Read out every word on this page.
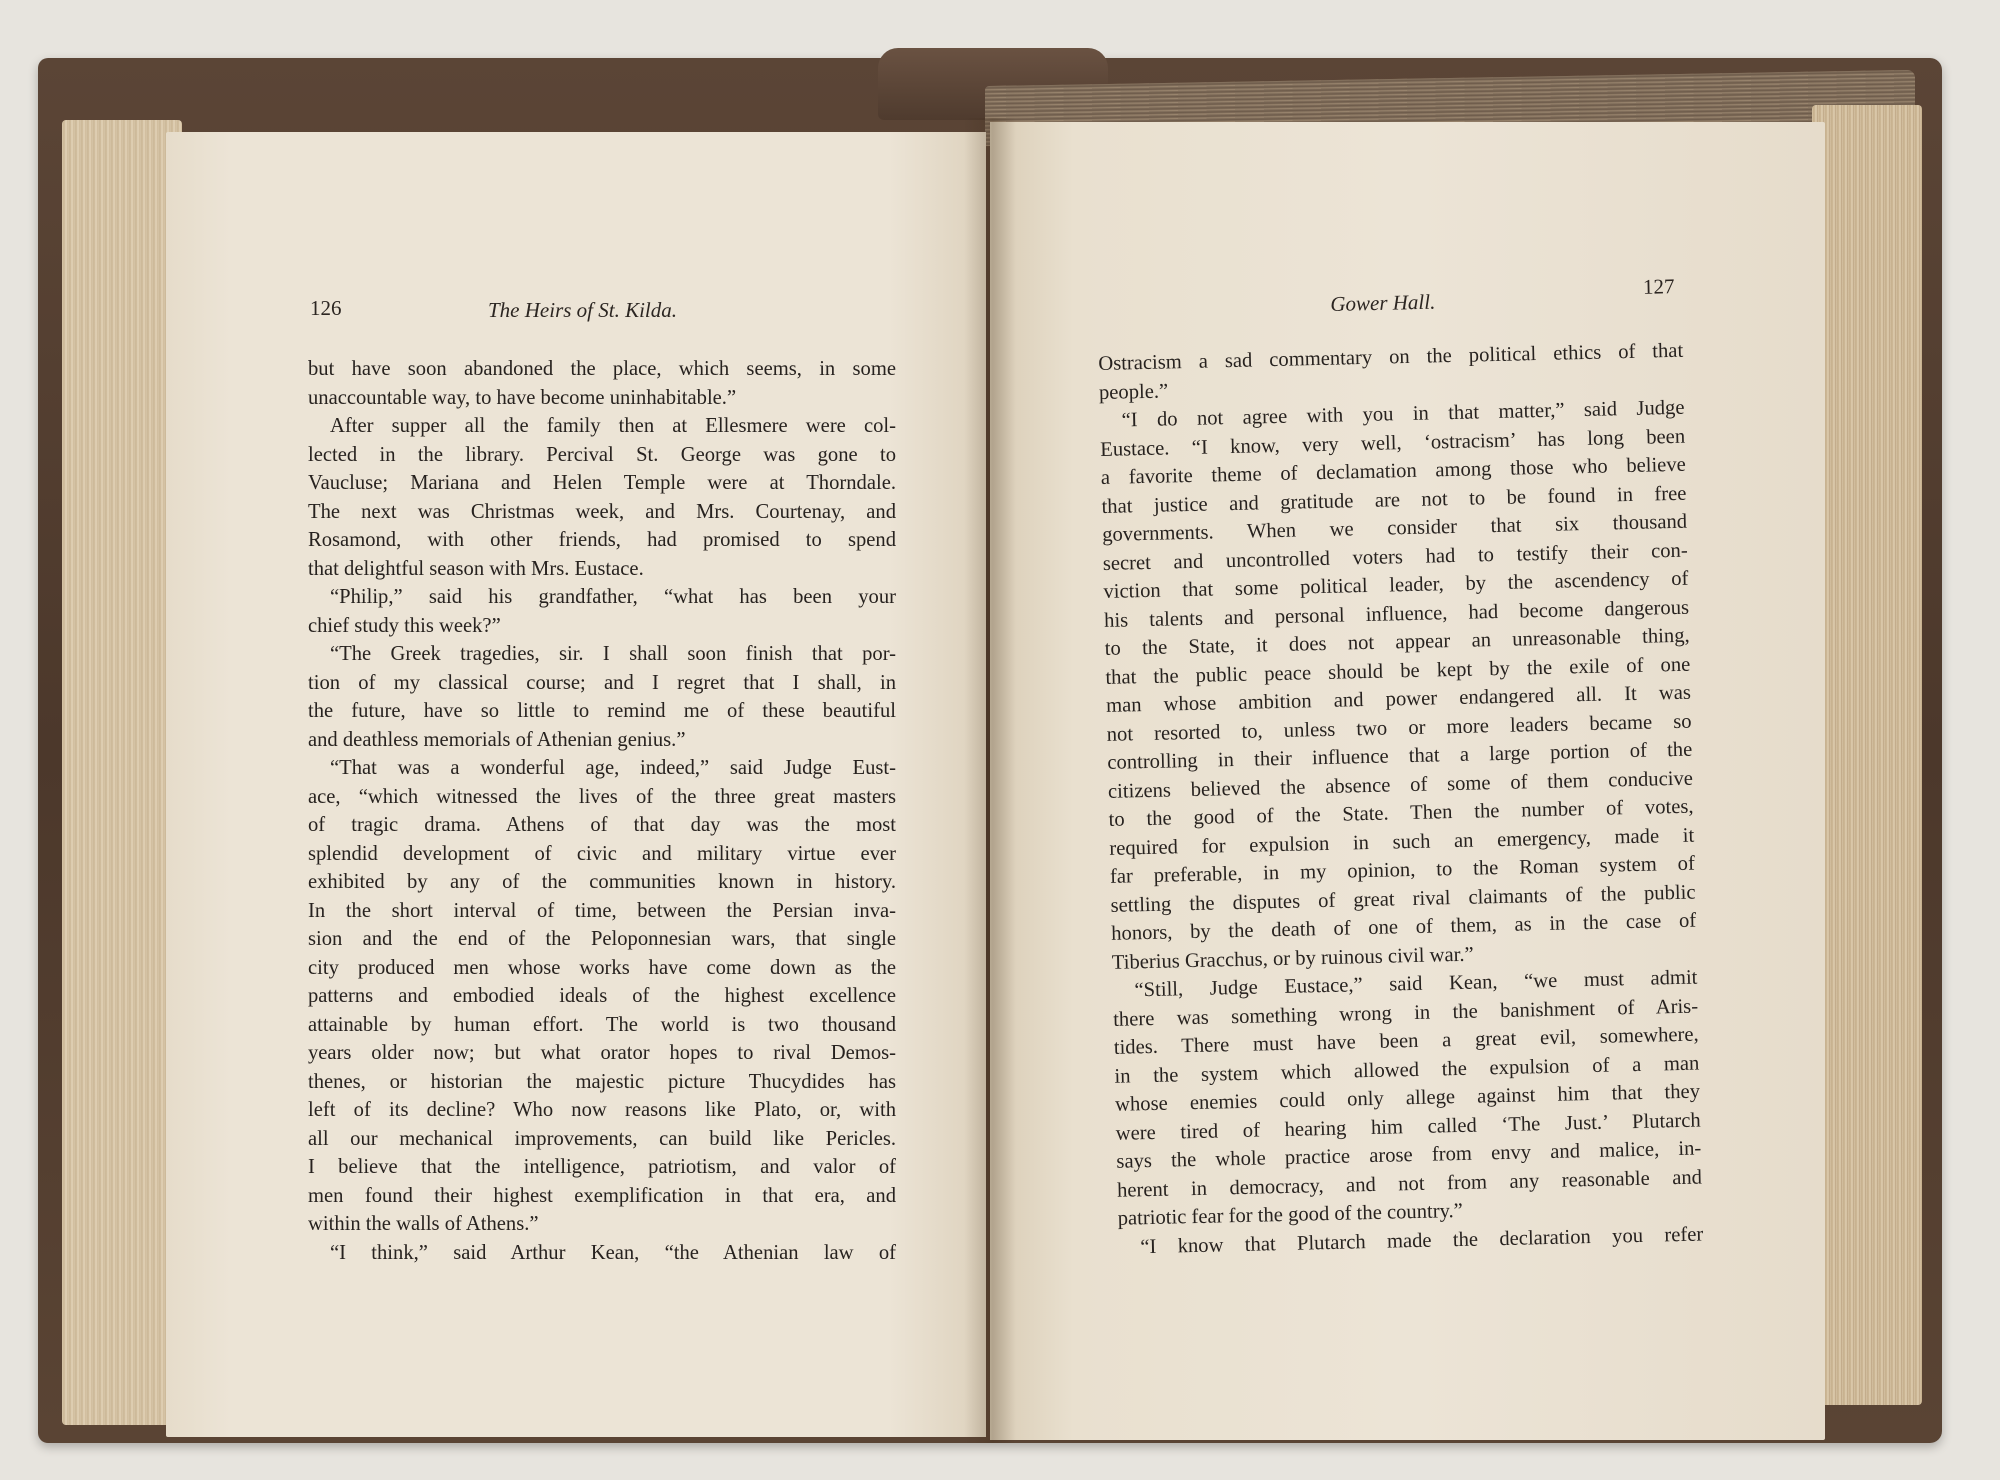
126	The Heirs of St. Kilda.	Gower Hall.
127
but have soon abandoned the place, which seems, in some
unaccountable way, to have become uninhabitable.”
After supper all the family then at Ellesmere were col-
lected in the library. Percival St. George was gone to
Vaucluse; Mariana and Helen Temple were at Thorndale.
The next was Christmas week, and Mrs. Courtenay, and
Rosamond, with other friends, had promised to spend
that delightful season with Mrs. Eustace.
“Philip,” said his grandfather, “what has been your
chief study this week?”
“The Greek tragedies, sir. I shall soon finish that por-
tion of my classical course; and I regret that I shall, in
the future, have so little to remind me of these beautiful
and deathless memorials of Athenian genius.”
“That was a wonderful age, indeed,” said Judge Eust-
ace, “which witnessed the lives of the three great masters
of tragic drama. Athens of that day was the most
splendid development of civic and military virtue ever
exhibited by any of the communities known in history.
In the short interval of time, between the Persian inva-
sion and the end of the Peloponnesian wars, that single
city produced men whose works have come down as the
patterns and embodied ideals of the highest excellence
attainable by human effort. The world is two thousand
years older now; but what orator hopes to rival Demos-
thenes, or historian the majestic picture Thucydides has
left of its decline? Who now reasons like Plato, or, with
all our mechanical improvements, can build like Pericles.
I believe that the intelligence, patriotism, and valor of
men found their highest exemplification in that era, and
within the walls of Athens.”
“I think,” said Arthur Kean, “the Athenian law of
Ostracism a sad commentary on the political ethics of that
people.”
“I do not agree with you in that matter,” said Judge
Eustace. “I know, very well, ‘ostracism’ has long been
a favorite theme of declamation among those who believe
that justice and gratitude are not to be found in free
governments. When we consider that six thousand
secret and uncontrolled voters had to testify their con-
viction that some political leader, by the ascendency of
his talents and personal influence, had become dangerous
to the State, it does not appear an unreasonable thing,
that the public peace should be kept by the exile of one
man whose ambition and power endangered all. It was
not resorted to, unless two or more leaders became so
controlling in their influence that a large portion of the
citizens believed the absence of some of them conducive
to the good of the State. Then the number of votes,
required for expulsion in such an emergency, made it
far preferable, in my opinion, to the Roman system of
settling the disputes of great rival claimants of the public
honors, by the death of one of them, as in the case of
Tiberius Gracchus, or by ruinous civil war.”
“Still, Judge Eustace,” said Kean, “we must admit
there was something wrong in the banishment of Aris-
tides. There must have been a great evil, somewhere,
in the system which allowed the expulsion of a man
whose enemies could only allege against him that they
were tired of hearing him called ‘The Just.’ Plutarch
says the whole practice arose from envy and malice, in-
herent in democracy, and not from any reasonable and
patriotic fear for the good of the country.”
“I know that Plutarch made the declaration you refer
